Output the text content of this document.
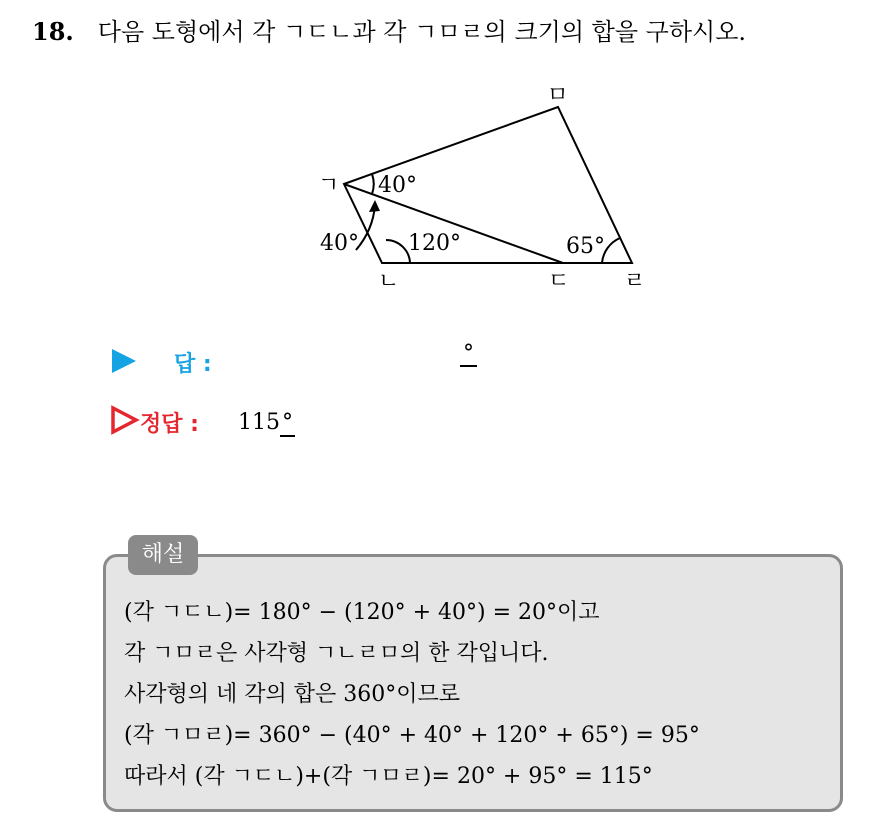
18. 다음 도형에서 각 ㄱㄷㄴ과 각 ㄱㅁㄹ의 크기의 합을 구하시오.
ㄱ
ㄴ	ㄷ ㄹ
ㅁ
40°
40° 120°	65°
답 :	°
정답 : 115°
해설
(각 ㄱㄷㄴ)= 180° − (120° + 40°) = 20°이고
각 ㄱㅁㄹ은 사각형 ㄱㄴㄹㅁ의 한 각입니다.
사각형의 네 각의 합은 360°이므로
(각 ㄱㅁㄹ)= 360° − (40° + 40° + 120° + 65°) = 95°
따라서 (각 ㄱㄷㄴ)+(각 ㄱㅁㄹ)= 20° + 95° = 115°
